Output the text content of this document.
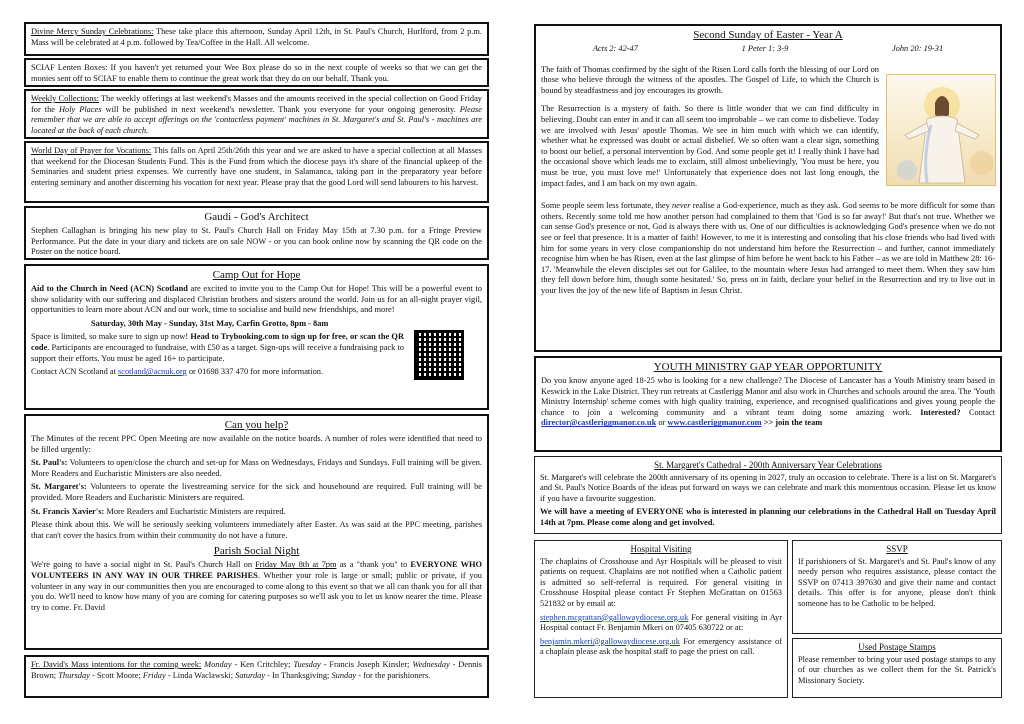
Divine Mercy Sunday Celebrations: These take place this afternoon, Sunday April 12th, in St. Paul's Church, Hurlford, from 2 p.m. Mass will be celebrated at 4 p.m. followed by Tea/Coffee in the Hall. All welcome.
SCIAF Lenten Boxes: If you haven't yet returned your Wee Box please do so in the next couple of weeks so that we can get the monies sent off to SCIAF to enable them to continue the great work that they do on our behalf. Thank you.
Weekly Collections: The weekly offerings at last weekend's Masses and the amounts received in the special collection on Good Friday for the Holy Places will be published in next weekend's newsletter. Thank you everyone for your ongoing generosity. Please remember that we are able to accept offerings on the 'contactless payment' machines in St. Margaret's and St. Paul's - machines are located at the back of each church.
World Day of Prayer for Vocations: This falls on April 25th/26th this year and we are asked to have a special collection at all Masses that weekend for the Diocesan Students Fund. This is the Fund from which the diocese pays it's share of the financial upkeep of the Seminaries and student priest expenses. We currently have one student, in Salamanca, taking part in the preparatory year before entering seminary and another discerning his vocation for next year. Please pray that the good Lord will send labourers to his harvest.
Gaudi - God's Architect
Stephen Callaghan is bringing his new play to St. Paul's Church Hall on Friday May 15th at 7.30 p.m. for a Fringe Preview Performance. Put the date in your diary and tickets are on sale NOW - or you can book online now by scanning the QR code on the Poster on the notice board.
Camp Out for Hope
Aid to the Church in Need (ACN) Scotland are excited to invite you to the Camp Out for Hope! This will be a powerful event to show solidarity with our suffering and displaced Christian brothers and sisters around the world. Join us for an all-night prayer vigil, opportunities to learn more about ACN and our work, time to socialise and build new friendships, and more!
Saturday, 30th May - Sunday, 31st May, Carfin Grotto, 8pm - 8am
Space is limited, so make sure to sign up now! Head to Trybooking.com to sign up for free, or scan the QR code. Participants are encouraged to fundraise, with £50 as a target. Sign-ups will receive a fundraising pack to support their efforts. You must be aged 16+ to participate.
Contact ACN Scotland at scotland@acnuk.org or 01698 337 470 for more information.
Can you help?
The Minutes of the recent PPC Open Meeting are now available on the notice boards. A number of roles were identified that need to be filled urgently:
St. Paul's: Volunteers to open/close the church and set-up for Mass on Wednesdays, Fridays and Sundays. Full training will be given. More Readers and Eucharistic Ministers are also needed.
St. Margaret's: Volunteers to operate the livestreaming service for the sick and housebound are required. Full training will be provided. More Readers and Eucharistic Ministers are required.
St. Francis Xavier's: More Readers and Eucharistic Ministers are required.
Please think about this. We will be seriously seeking volunteers immediately after Easter. As was said at the PPC meeting, parishes that can't cover the basics from within their community do not have a future.
Parish Social Night
We're going to have a social night in St. Paul's Church Hall on Friday May 8th at 7pm as a "thank you" to EVERYONE WHO VOLUNTEERS IN ANY WAY IN OUR THREE PARISHES. Whether your role is large or small; public or private, if you volunteer in any way in our communities then you are encouraged to come along to this event so that we all can thank you for all that you do. We'll need to know how many of you are coming for catering purposes so we'll ask you to let us know nearer the time. Please try to come. Fr. David
Fr. David's Mass intentions for the coming week: Monday - Ken Critchley; Tuesday - Francis Joseph Kinsler; Wednesday - Dennis Brown; Thursday - Scott Moore; Friday - Linda Waclawski; Saturday - In Thanksgiving; Sunday - for the parishioners.
Second Sunday of Easter - Year A
Acts 2: 42-47	1 Peter 1: 3-9	John 20: 19-31
The faith of Thomas confirmed by the sight of the Risen Lord calls forth the blessing of our Lord on those who believe through the witness of the apostles. The Gospel of Life, to which the Church is bound by steadfastness and joy encourages its growth.
The Resurrection is a mystery of faith. So there is little wonder that we can find difficulty in believing. Doubt can enter in and it can all seem too improbable – we can come to disbelieve. Today we are involved with Jesus' apostle Thomas. We see in him much with which we can identify, whether what he expressed was doubt or actual disbelief. We so often want a clear sign, something to boost our belief, a personal intervention by God. And some people get it! I really think I have had the occasional shove which leads me to exclaim, still almost unbelievingly, 'You must be here, you must be true, you must love me!' Unfortunately that experience does not last long enough, the impact fades, and I am back on my own again.
Some people seem less fortunate, they never realise a God-experience, much as they ask. God seems to be more difficult for some than others. Recently some told me how another person had complained to them that 'God is so far away!' But that's not true. Whether we can sense God's presence or not, God is always there with us. One of our difficulties is acknowledging God's presence when we do not see or feel that presence. It is a matter of faith! However, to me it is interesting and consoling that his close friends who had lived with him for some years in very close companionship do not understand him before the Resurrection – and further, cannot immediately recognise him when he has Risen, even at the last glimpse of him before he went back to his Father – as we are told in Matthew 28: 16-17. 'Meanwhile the eleven disciples set out for Galilee, to the mountain where Jesus had arranged to meet them. When they saw him they fell down before him, though some hesitated.' So, press on in faith, declare your belief in the Resurrection and try to live out in your lives the joy of the new life of Baptism in Jesus Christ.
YOUTH MINISTRY GAP YEAR OPPORTUNITY
Do you know anyone aged 18-25 who is looking for a new challenge? The Diocese of Lancaster has a Youth Ministry team based in Keswick in the Lake District. They run retreats at Castlerigg Manor and also work in Churches and schools around the area. The 'Youth Ministry Internship' scheme comes with high quality training, experience, and recognised qualifications and gives young people the chance to join a welcoming community and a vibrant team doing some amazing work. Interested? Contact director@castleriggmanor.co.uk or www.castleriggmanor.com >> join the team
St. Margaret's Cathedral - 200th Anniversary Year Celebrations
St. Margaret's will celebrate the 200th anniversary of its opening in 2027, truly an occasion to celebrate. There is a list on St. Margaret's and St. Paul's Notice Boards of the ideas put forward on ways we can celebrate and mark this momentous occasion. Please let us know if you have a favourite suggestion.
We will have a meeting of EVERYONE who is interested in planning our celebrations in the Cathedral Hall on Tuesday April 14th at 7pm. Please come along and get involved.
Hospital Visiting
The chaplains of Crosshouse and Ayr Hospitals will be pleased to visit patients on request. Chaplains are not notified when a Catholic patient is admitted so self-referral is required. For general visiting in Crosshouse Hospital please contact Fr Stephen McGrattan on 01563 521832 or by email at:
stephen.mcgrattan@gallowaydiocese.org.uk For general visiting in Ayr Hospital contact Fr. Benjamin Mkeri on 07405 630722 or at:
benjamin.mkeri@gallowaydiocese.org.uk For emergency assistance of a chaplain please ask the hospital staff to page the priest on call.
SSVP
If parishioners of St. Margaret's and St. Paul's know of any needy person who requires assistance, please contact the SSVP on 07413 397630 and give their name and contact details. This offer is for anyone, please don't think someone has to be Catholic to be helped.
Used Postage Stamps
Please remember to bring your used postage stamps to any of our churches as we collect them for the St. Patrick's Missionary Society.
